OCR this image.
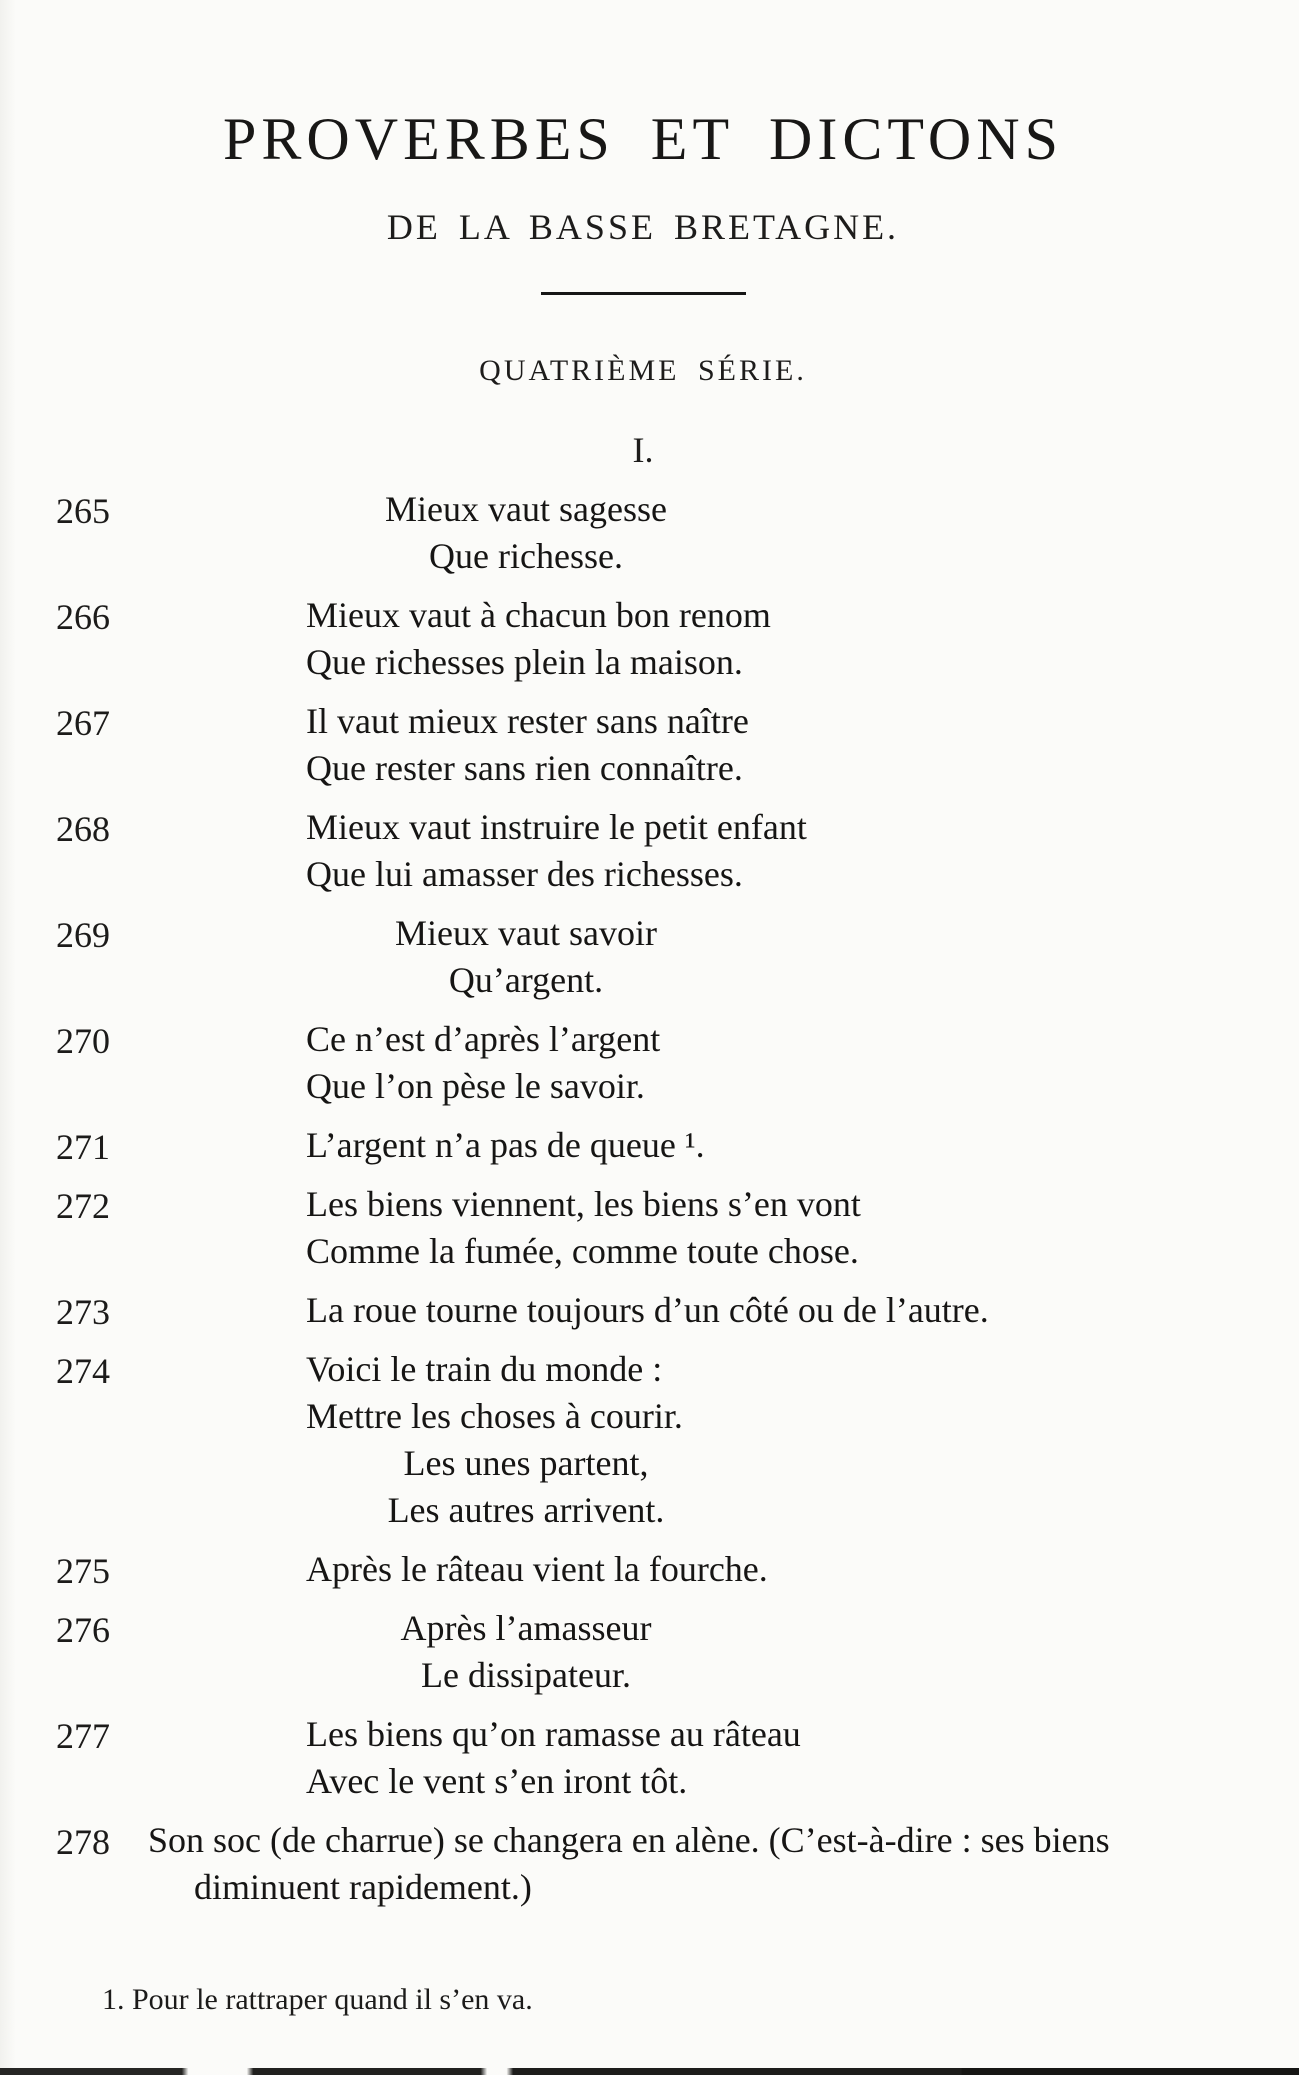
PROVERBES ET DICTONS
DE LA BASSE BRETAGNE.
QUATRIÈME SÉRIE.
I.
265	Mieux vaut sagesse
Que richesse.
266	Mieux vaut à chacun bon renom
Que richesses plein la maison.
267	Il vaut mieux rester sans naître
Que rester sans rien connaître.
268	Mieux vaut instruire le petit enfant
Que lui amasser des richesses.
269	Mieux vaut savoir
Qu’argent.
270	Ce n’est d’après l’argent
Que l’on pèse le savoir.
271	L’argent n’a pas de queue ¹.
272	Les biens viennent, les biens s’en vont
Comme la fumée, comme toute chose.
273	La roue tourne toujours d’un côté ou de l’autre.
274	Voici le train du monde :
Mettre les choses à courir.
Les unes partent,
Les autres arrivent.
275	Après le râteau vient la fourche.
276	Après l’amasseur
Le dissipateur.
277	Les biens qu’on ramasse au râteau
Avec le vent s’en iront tôt.
278 Son soc (de charrue) se changera en alène. (C’est-à-dire : ses biens
diminuent rapidement.)
1. Pour le rattraper quand il s’en va.
